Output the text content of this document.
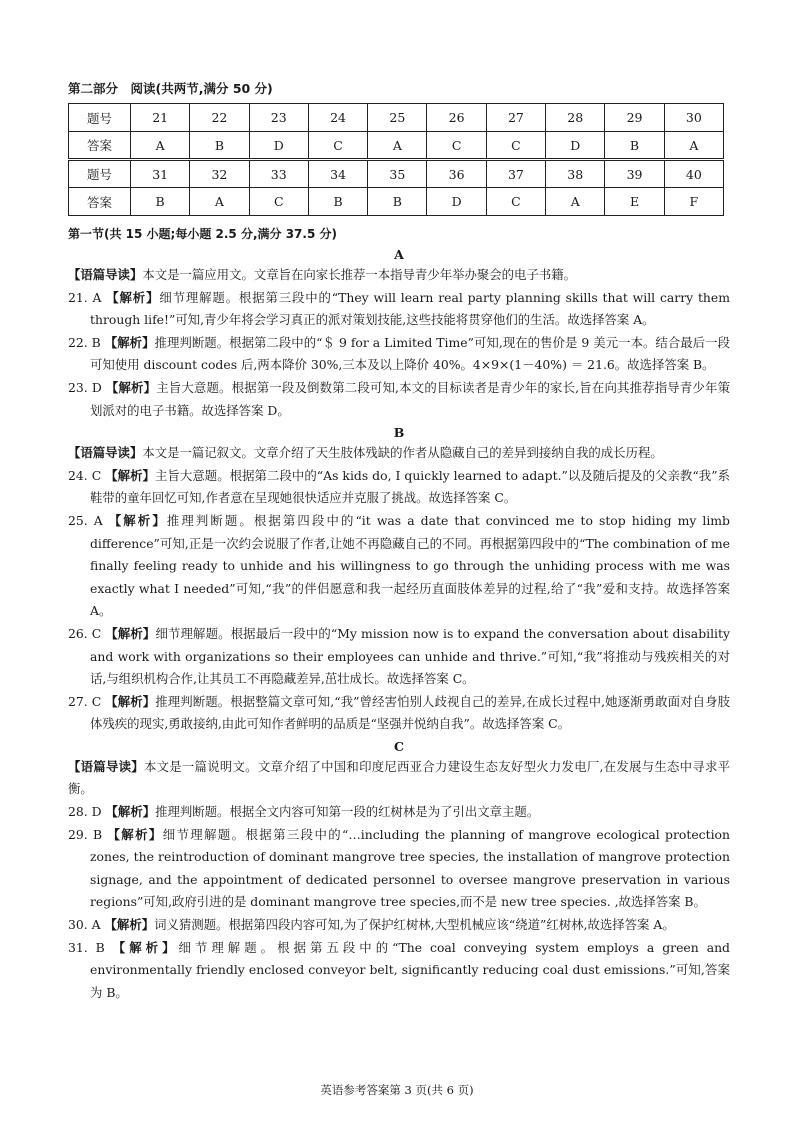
第二部分　阅读(共两节,满分 50 分)
题号	21	22	23	24	25	26	27	28	29	30
答案	A	B	D	C	A	C	C	D	B	A
题号	31	32	33	34	35	36	37	38	39	40
答案	B	A	C	B	B	D	C	A	E	F
第一节(共 15 小题;每小题 2.5 分,满分 37.5 分)
A
【语篇导读】本文是一篇应用文。文章旨在向家长推荐一本指导青少年举办聚会的电子书籍。
21. A 【解析】细节理解题。根据第三段中的“They will learn real party planning skills that will carry them through life!”可知,青少年将会学习真正的派对策划技能,这些技能将贯穿他们的生活。故选择答案 A。
22. B 【解析】推理判断题。根据第二段中的“＄ 9 for a Limited Time”可知,现在的售价是 9 美元一本。结合最后一段可知使用 discount codes 后,两本降价 30%,三本及以上降价 40%。4×9×(1－40%) ＝ 21.6。故选择答案 B。
23. D 【解析】主旨大意题。根据第一段及倒数第二段可知,本文的目标读者是青少年的家长,旨在向其推荐指导青少年策划派对的电子书籍。故选择答案 D。
B
【语篇导读】本文是一篇记叙文。文章介绍了天生肢体残缺的作者从隐藏自己的差异到接纳自我的成长历程。
24. C 【解析】主旨大意题。根据第二段中的“As kids do, I quickly learned to adapt.”以及随后提及的父亲教“我”系鞋带的童年回忆可知,作者意在呈现她很快适应并克服了挑战。故选择答案 C。
25. A 【解析】推理判断题。根据第四段中的“it was a date that convinced me to stop hiding my limb difference”可知,正是一次约会说服了作者,让她不再隐藏自己的不同。再根据第四段中的“The combination of me finally feeling ready to unhide and his willingness to go through the unhiding process with me was exactly what I needed”可知,“我”的伴侣愿意和我一起经历直面肢体差异的过程,给了“我”爱和支持。故选择答案 A。
26. C 【解析】细节理解题。根据最后一段中的“My mission now is to expand the conversation about disability and work with organizations so their employees can unhide and thrive.”可知,“我”将推动与残疾相关的对话,与组织机构合作,让其员工不再隐藏差异,茁壮成长。故选择答案 C。
27. C 【解析】推理判断题。根据整篇文章可知,“我”曾经害怕别人歧视自己的差异,在成长过程中,她逐渐勇敢面对自身肢体残疾的现实,勇敢接纳,由此可知作者鲜明的品质是“坚强并悦纳自我”。故选择答案 C。
C
【语篇导读】本文是一篇说明文。文章介绍了中国和印度尼西亚合力建设生态友好型火力发电厂,在发展与生态中寻求平衡。
28. D 【解析】推理判断题。根据全文内容可知第一段的红树林是为了引出文章主题。
29. B 【解析】细节理解题。根据第三段中的“…including the planning of mangrove ecological protection zones, the reintroduction of dominant mangrove tree species, the installation of mangrove protection signage, and the appointment of dedicated personnel to oversee mangrove preservation in various regions”可知,政府引进的是 dominant mangrove tree species,而不是 new tree species. ,故选择答案 B。
30. A 【解析】词义猜测题。根据第四段内容可知,为了保护红树林,大型机械应该“绕道”红树林,故选择答案 A。
31. B 【解析】细节理解题。根据第五段中的“The coal conveying system employs a green and environmentally friendly enclosed conveyor belt, significantly reducing coal dust emissions.”可知,答案为 B。
英语参考答案第 3 页(共 6 页)
